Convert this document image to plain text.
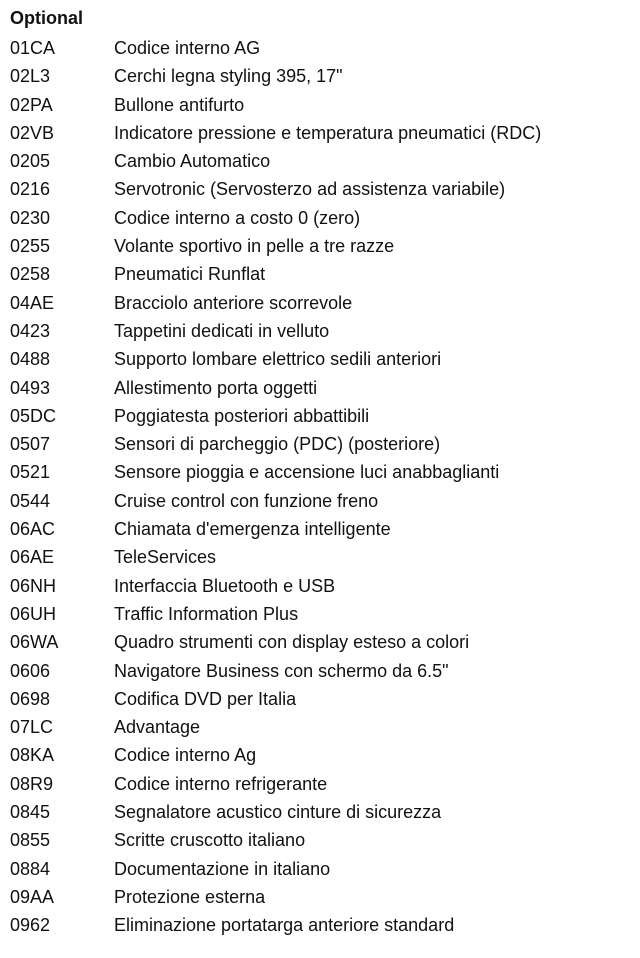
Optional
01CA	Codice interno AG
02L3	Cerchi legna styling 395, 17"
02PA	Bullone antifurto
02VB	Indicatore pressione e temperatura pneumatici (RDC)
0205	Cambio Automatico
0216	Servotronic (Servosterzo ad assistenza variabile)
0230	Codice interno a costo 0 (zero)
0255	Volante sportivo in pelle a tre razze
0258	Pneumatici Runflat
04AE	Bracciolo anteriore scorrevole
0423	Tappetini dedicati in velluto
0488	Supporto lombare elettrico sedili anteriori
0493	Allestimento porta oggetti
05DC	Poggiatesta posteriori abbattibili
0507	Sensori di parcheggio (PDC) (posteriore)
0521	Sensore pioggia e accensione luci anabbaglianti
0544	Cruise control con funzione freno
06AC	Chiamata d'emergenza intelligente
06AE	TeleServices
06NH	Interfaccia Bluetooth e USB
06UH	Traffic Information Plus
06WA	Quadro strumenti con display esteso a colori
0606	Navigatore Business con schermo da 6.5"
0698	Codifica DVD per Italia
07LC	Advantage
08KA	Codice interno Ag
08R9	Codice interno refrigerante
0845	Segnalatore acustico cinture di sicurezza
0855	Scritte cruscotto italiano
0884	Documentazione in italiano
09AA	Protezione esterna
0962	Eliminazione portatarga anteriore standard
